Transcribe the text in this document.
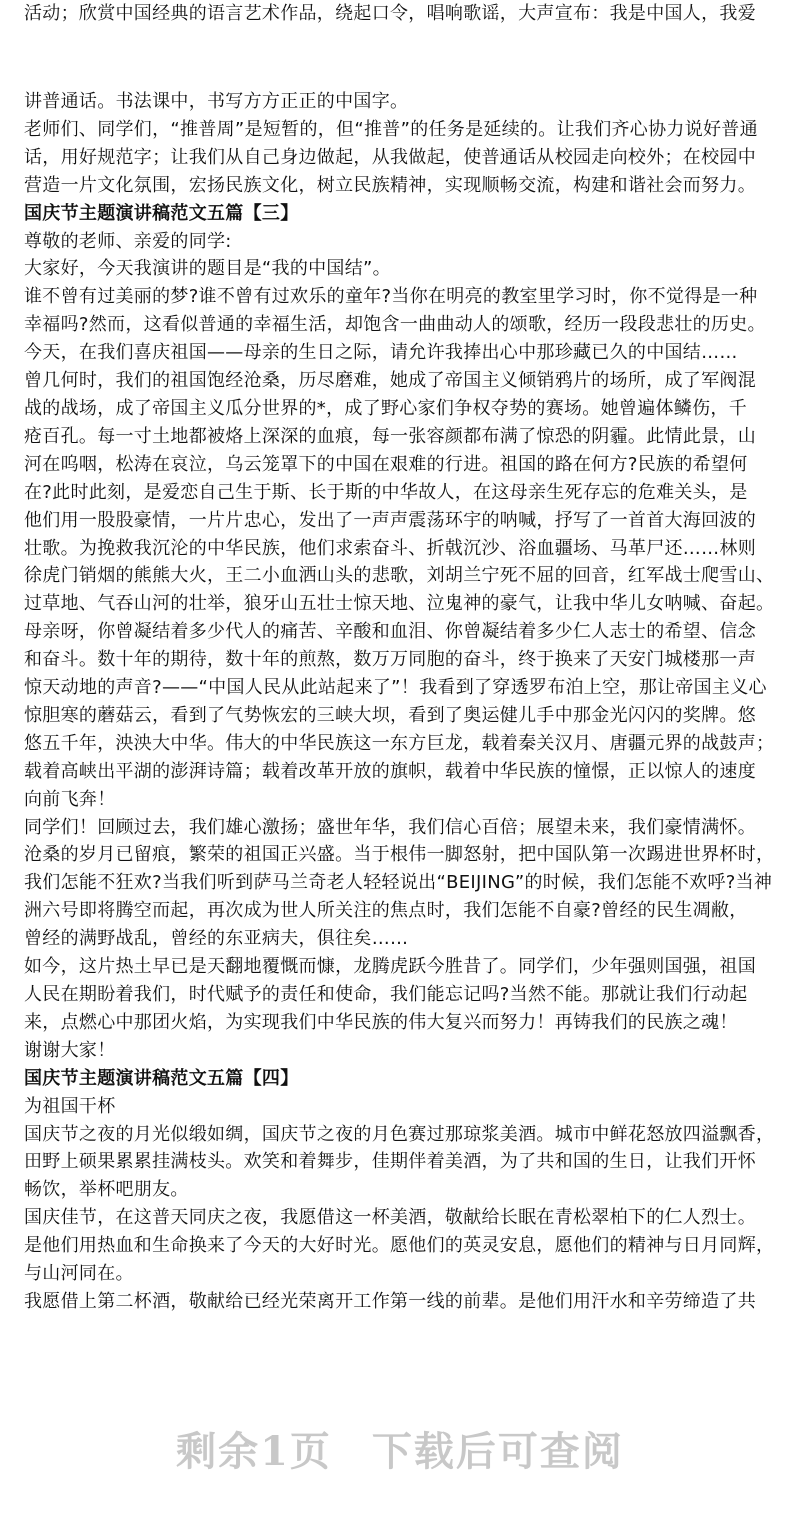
活动；欣赏中国经典的语言艺术作品，绕起口令，唱响歌谣，大声宣布：我是中国人，我爱
讲普通话。书法课中，书写方方正正的中国字。
老师们、同学们，“推普周”是短暂的，但“推普”的任务是延续的。让我们齐心协力说好普通
话，用好规范字；让我们从自己身边做起，从我做起，使普通话从校园走向校外；在校园中
营造一片文化氛围，宏扬民族文化，树立民族精神，实现顺畅交流，构建和谐社会而努力。
国庆节主题演讲稿范文五篇【三】
尊敬的老师、亲爱的同学:
大家好，今天我演讲的题目是“我的中国结”。
谁不曾有过美丽的梦?谁不曾有过欢乐的童年?当你在明亮的教室里学习时，你不觉得是一种
幸福吗?然而，这看似普通的幸福生活，却饱含一曲曲动人的颂歌，经历一段段悲壮的历史。
今天，在我们喜庆祖国——母亲的生日之际，请允许我捧出心中那珍藏已久的中国结……
曾几何时，我们的祖国饱经沧桑，历尽磨难，她成了帝国主义倾销鸦片的场所，成了军阀混
战的战场，成了帝国主义瓜分世界的*，成了野心家们争权夺势的赛场。她曾遍体鳞伤，千
疮百孔。每一寸土地都被烙上深深的血痕，每一张容颜都布满了惊恐的阴霾。此情此景，山
河在呜咽，松涛在哀泣，乌云笼罩下的中国在艰难的行进。祖国的路在何方?民族的希望何
在?此时此刻，是爱恋自己生于斯、长于斯的中华故人，在这母亲生死存忘的危难关头，是
他们用一股股豪情，一片片忠心，发出了一声声震荡环宇的呐喊，抒写了一首首大海回波的
壮歌。为挽救我沉沦的中华民族，他们求索奋斗、折戟沉沙、浴血疆场、马革尸还……林则
徐虎门销烟的熊熊大火，王二小血洒山头的悲歌，刘胡兰宁死不屈的回音，红军战士爬雪山、
过草地、气吞山河的壮举，狼牙山五壮士惊天地、泣鬼神的豪气，让我中华儿女呐喊、奋起。
母亲呀，你曾凝结着多少代人的痛苦、辛酸和血泪、你曾凝结着多少仁人志士的希望、信念
和奋斗。数十年的期待，数十年的煎熬，数万万同胞的奋斗，终于换来了天安门城楼那一声
惊天动地的声音?——“中国人民从此站起来了”！我看到了穿透罗布泊上空，那让帝国主义心
惊胆寒的蘑菇云，看到了气势恢宏的三峡大坝，看到了奥运健儿手中那金光闪闪的奖牌。悠
悠五千年，泱泱大中华。伟大的中华民族这一东方巨龙，载着秦关汉月、唐疆元界的战鼓声；
载着高峡出平湖的澎湃诗篇；载着改革开放的旗帜，载着中华民族的憧憬，正以惊人的速度
向前飞奔！
同学们！回顾过去，我们雄心激扬；盛世年华，我们信心百倍；展望未来，我们豪情满怀。
沧桑的岁月已留痕，繁荣的祖国正兴盛。当于根伟一脚怒射，把中国队第一次踢进世界杯时，
我们怎能不狂欢?当我们听到萨马兰奇老人轻轻说出“BEIJING”的时候，我们怎能不欢呼?当神
洲六号即将腾空而起，再次成为世人所关注的焦点时，我们怎能不自豪?曾经的民生凋敝，
曾经的满野战乱，曾经的东亚病夫，俱往矣……
如今，这片热土早已是天翻地覆慨而慷，龙腾虎跃今胜昔了。同学们，少年强则国强，祖国
人民在期盼着我们，时代赋予的责任和使命，我们能忘记吗?当然不能。那就让我们行动起
来，点燃心中那团火焰，为实现我们中华民族的伟大复兴而努力！再铸我们的民族之魂！
谢谢大家！
国庆节主题演讲稿范文五篇【四】
为祖国干杯
国庆节之夜的月光似缎如绸，国庆节之夜的月色赛过那琼浆美酒。城市中鲜花怒放四溢飘香，
田野上硕果累累挂满枝头。欢笑和着舞步，佳期伴着美酒，为了共和国的生日，让我们开怀
畅饮，举杯吧朋友。
国庆佳节，在这普天同庆之夜，我愿借这一杯美酒，敬献给长眠在青松翠柏下的仁人烈士。
是他们用热血和生命换来了今天的大好时光。愿他们的英灵安息，愿他们的精神与日月同辉，
与山河同在。
我愿借上第二杯酒，敬献给已经光荣离开工作第一线的前辈。是他们用汗水和辛劳缔造了共
剩余1页 下载后可查阅
